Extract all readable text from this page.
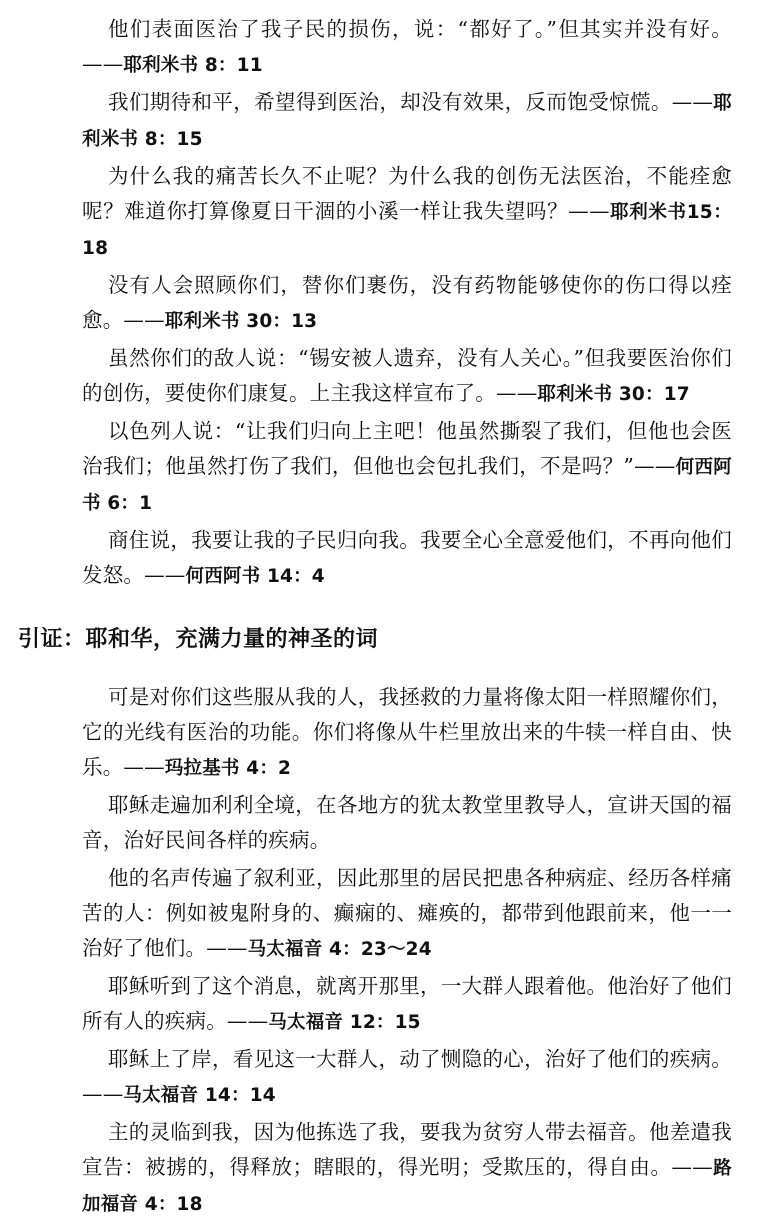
他们表面医治了我子民的损伤，说：“都好了。”但其实并没有好。——耶利米书 8：11

我们期待和平，希望得到医治，却没有效果，反而饱受惊慌。——耶利米书 8：15

为什么我的痛苦长久不止呢？为什么我的创伤无法医治，不能痊愈呢？难道你打算像夏日干涸的小溪一样让我失望吗？——耶利米书15：18

没有人会照顾你们，替你们裹伤，没有药物能够使你的伤口得以痊愈。——耶利米书 30：13

虽然你们的敌人说：“锡安被人遗弃，没有人关心。”但我要医治你们的创伤，要使你们康复。上主我这样宣布了。——耶利米书 30：17

以色列人说：“让我们归向上主吧！他虽然撕裂了我们，但他也会医治我们；他虽然打伤了我们，但他也会包扎我们，不是吗？”——何西阿书 6：1

商住说，我要让我的子民归向我。我要全心全意爱他们，不再向他们发怒。——何西阿书 14：4

引证：耶和华，充满力量的神圣的词

可是对你们这些服从我的人，我拯救的力量将像太阳一样照耀你们，它的光线有医治的功能。你们将像从牛栏里放出来的牛犊一样自由、快乐。——玛拉基书 4：2

耶稣走遍加利利全境，在各地方的犹太教堂里教导人，宣讲天国的福音，治好民间各样的疾病。

他的名声传遍了叙利亚，因此那里的居民把患各种病症、经历各样痛苦的人：例如被鬼附身的、癫痫的、瘫痪的，都带到他跟前来，他一一治好了他们。——马太福音 4：23～24

耶稣听到了这个消息，就离开那里，一大群人跟着他。他治好了他们所有人的疾病。——马太福音 12：15

耶稣上了岸，看见这一大群人，动了恻隐的心，治好了他们的疾病。——马太福音 14：14

主的灵临到我，因为他拣选了我，要我为贫穷人带去福音。他差遣我宣告：被掳的，得释放；瞎眼的，得光明；受欺压的，得自由。——路加福音 4：18
